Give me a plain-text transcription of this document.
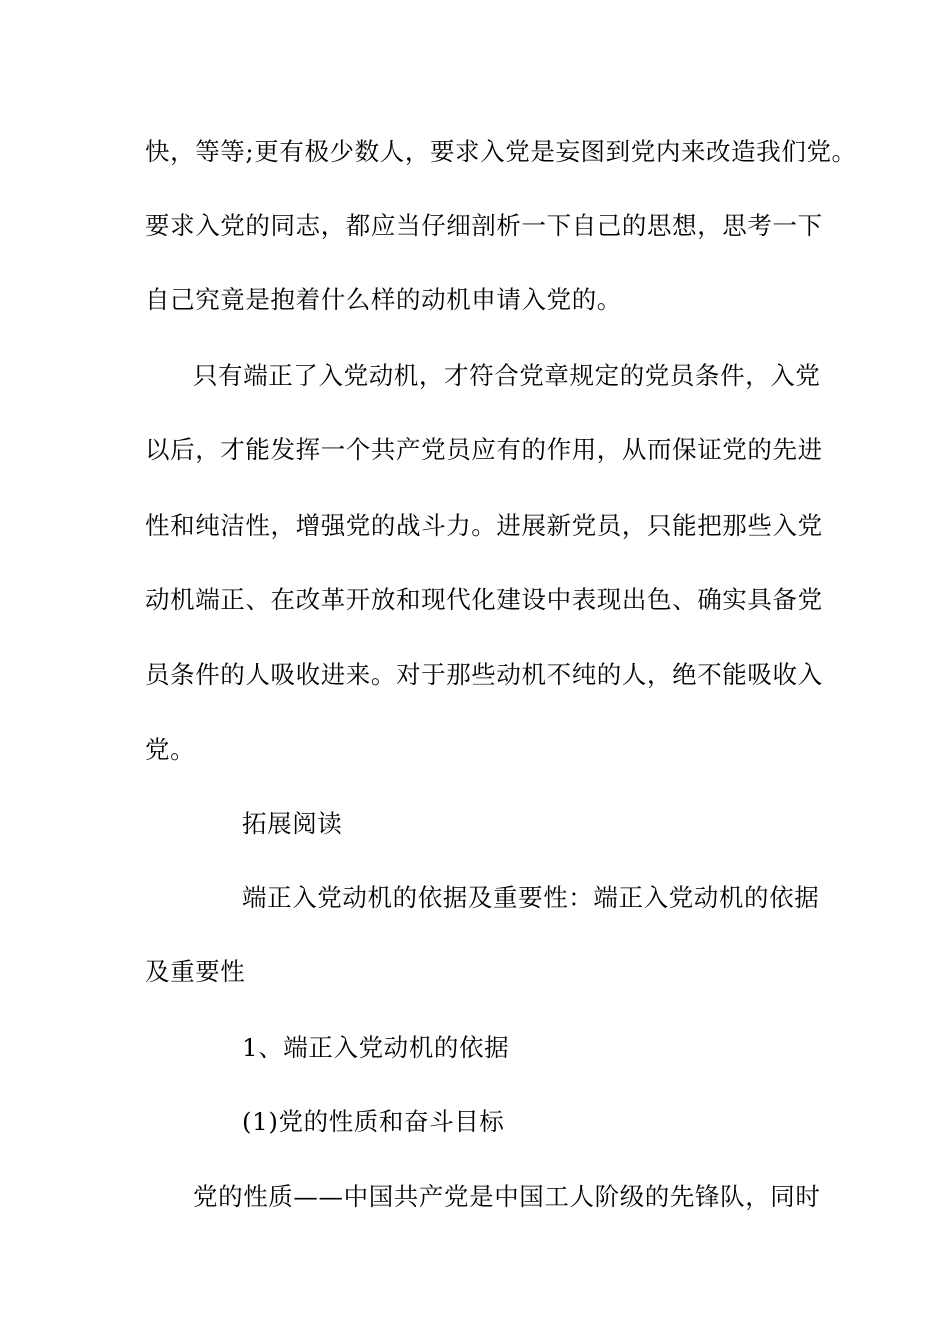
快，等等;更有极少数人，要求入党是妄图到党内来改造我们党。

要求入党的同志，都应当仔细剖析一下自己的思想，思考一下

自己究竟是抱着什么样的动机申请入党的。

只有端正了入党动机，才符合党章规定的党员条件，入党

以后，才能发挥一个共产党员应有的作用，从而保证党的先进

性和纯洁性，增强党的战斗力。进展新党员，只能把那些入党

动机端正、在改革开放和现代化建设中表现出色、确实具备党

员条件的人吸收进来。对于那些动机不纯的人，绝不能吸收入

党。

拓展阅读

端正入党动机的依据及重要性：端正入党动机的依据

及重要性

1、端正入党动机的依据

(1)党的性质和奋斗目标

党的性质——中国共产党是中国工人阶级的先锋队，同时
